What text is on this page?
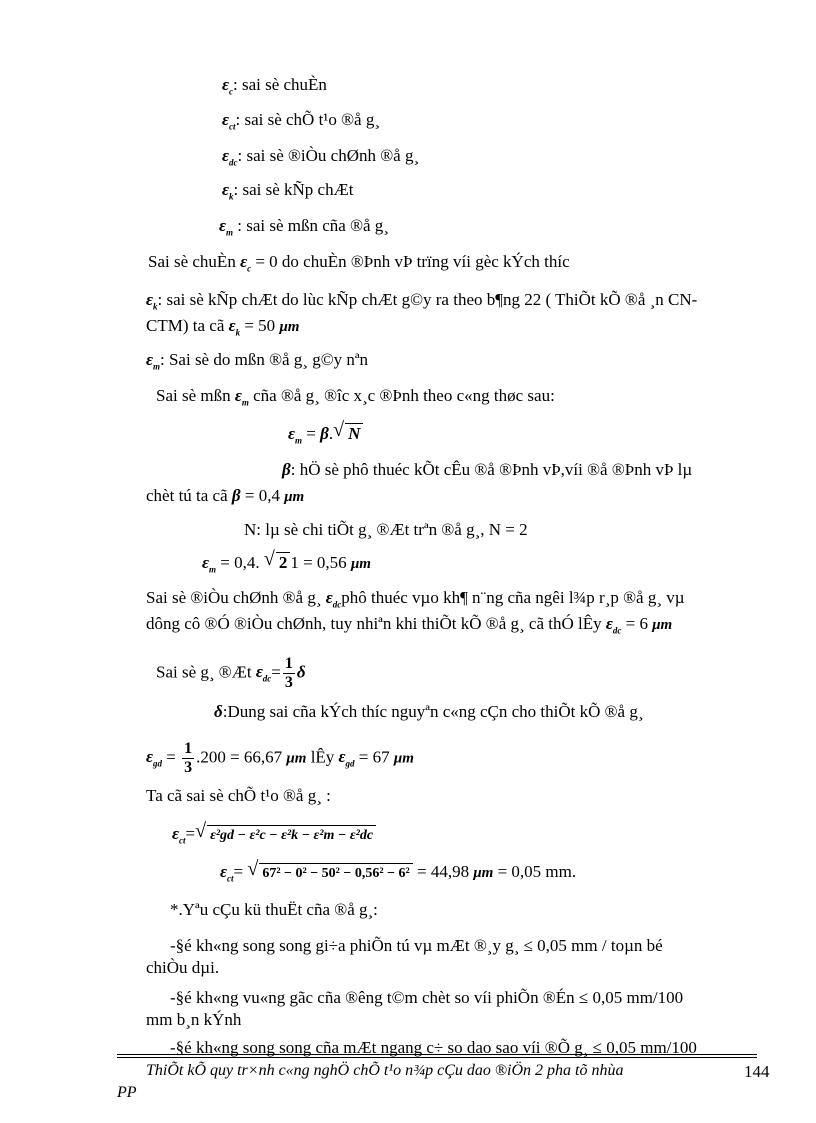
$\varepsilon_c$: sai sè chuÈn
$\varepsilon_{ct}$: sai sè chÕ t¹o ®å g¸
$\varepsilon_{dc}$: sai sè ®iÒu chØnh ®å g¸
$\varepsilon_k$: sai sè kÑp chÆt
$\varepsilon_m$ : sai sè mßn cña ®å g¸
Sai sè chuÈn $\varepsilon_c = 0$ do chuÈn ®Þnh vÞ trïng víi gèc kÝch thíc
$\varepsilon_k$: sai sè kÑp chÆt do lùc kÑp chÆt g©y ra theo b¶ng 22 ( ThiÕt kÕ ®å ¸n CN-
CTM) ta cã $\varepsilon_k = 50$ μm
$\varepsilon_m$: Sai sè do mßn ®å g¸ g©y nªn
Sai sè mßn $\varepsilon_m$ cña ®å g¸ ®îc x¸c ®Þnh theo c«ng thøc sau:
$\varepsilon_m = \beta$. √ N
β: hÖ sè phô thuéc kÕt cÊu ®å ®Þnh vÞ,víi ®å ®Þnh vÞ lµ
chèt tú ta cã β = 0,4 μm
N: lµ sè chi tiÕt g¸ ®Æt trªn ®å g¸, N = 2
$\varepsilon_m = 0,4$. √ 2 1 = 0,56 μm
Sai sè ®iÒu chØnh ®å g¸ $\varepsilon_{dc}phô$ thuéc vµo kh¶ n¨ng cña ngêi l¾p r¸p ®å g¸ vµ
dông cô ®Ó ®iÒu chØnh, tuy nhiªn khi thiÕt kÕ ®å g¸ cã thÓ lÊy $\varepsilon_{dc} = 6$ μm
Sai sè g¸ ®Æt $\varepsilon_{dc}= \frac{1}{3}$ δ
δ:Dung sai cña kÝch thíc nguyªn c«ng cÇn cho thiÕt kÕ ®å g¸
$\varepsilon_{gd} = \frac{1}{3} .200 = 66,67$ μm lÊy $\varepsilon_{gd} = 67$ μm
Ta cã sai sè chÕ t¹o ®å g¸ :
$\varepsilon_{ct}=$ √ ε²gd − ε²c − ε²k − ε²m − ε²dc
$\varepsilon_{ct}=$ √ 67² − 0² − 50² − 0,56² − 6² = 44,98 μm = 0,05 mm.
*.Yªu cÇu kü thuËt cña ®å g¸:
-§é kh«ng song song gi÷a phiÕn tú vµ mÆt ®¸y g¸ ≤ 0,05 mm / toµn bé
chiÒu dµi.
-§é kh«ng vu«ng gãc cña ®êng t©m chèt so víi phiÕn ®Én ≤ 0,05 mm/100
mm b¸n kÝnh
-§é kh«ng song song cña mÆt ngang c÷ so dao sao víi ®Õ g¸ ≤ 0,05 mm/100
ThiÕt kÕ quy tr×nh c«ng nghÖ chÕ t¹o n¾p cÇu dao ®iÖn 2 pha tõ nhùa
PP
144
